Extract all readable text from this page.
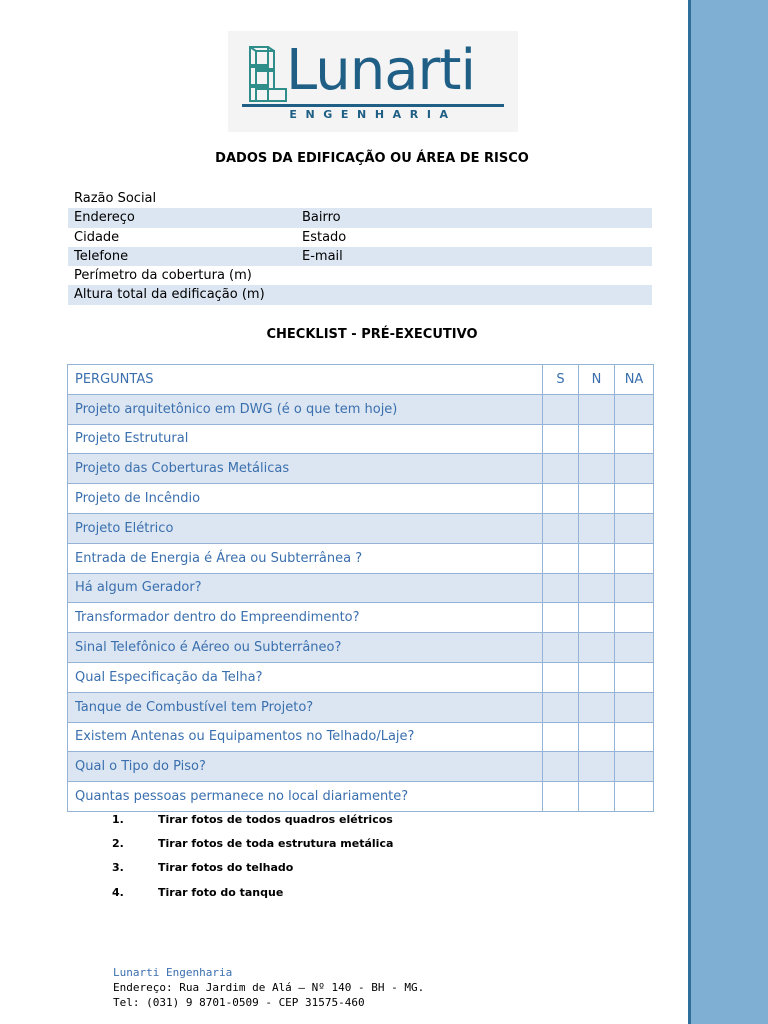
Lunarti
ENGENHARIA
DADOS DA EDIFICAÇÃO OU ÁREA DE RISCO
Razão Social
Endereço	Bairro
Cidade	Estado
Telefone	E-mail
Perímetro da cobertura (m)
Altura total da edificação (m)
CHECKLIST - PRÉ-EXECUTIVO
PERGUNTAS	S	N	NA
Projeto arquitetônico em DWG (é o que tem hoje)			
Projeto Estrutural			
Projeto das Coberturas Metálicas			
Projeto de Incêndio			
Projeto Elétrico			
Entrada de Energia é Área ou Subterrânea ?			
Há algum Gerador?			
Transformador dentro do Empreendimento?			
Sinal Telefônico é Aéreo ou Subterrâneo?			
Qual Especificação da Telha?			
Tanque de Combustível tem Projeto?			
Existem Antenas ou Equipamentos no Telhado/Laje?			
Qual o Tipo do Piso?			
Quantas pessoas permanece no local diariamente?			
1.	Tirar fotos de todos quadros elétricos
2.	Tirar fotos de toda estrutura metálica
3.	Tirar fotos do telhado
4.	Tirar foto do tanque
Lunarti Engenharia
Endereço: Rua Jardim de Alá – Nº 140 - BH - MG.
Tel: (031) 9 8701-0509 - CEP 31575-460
